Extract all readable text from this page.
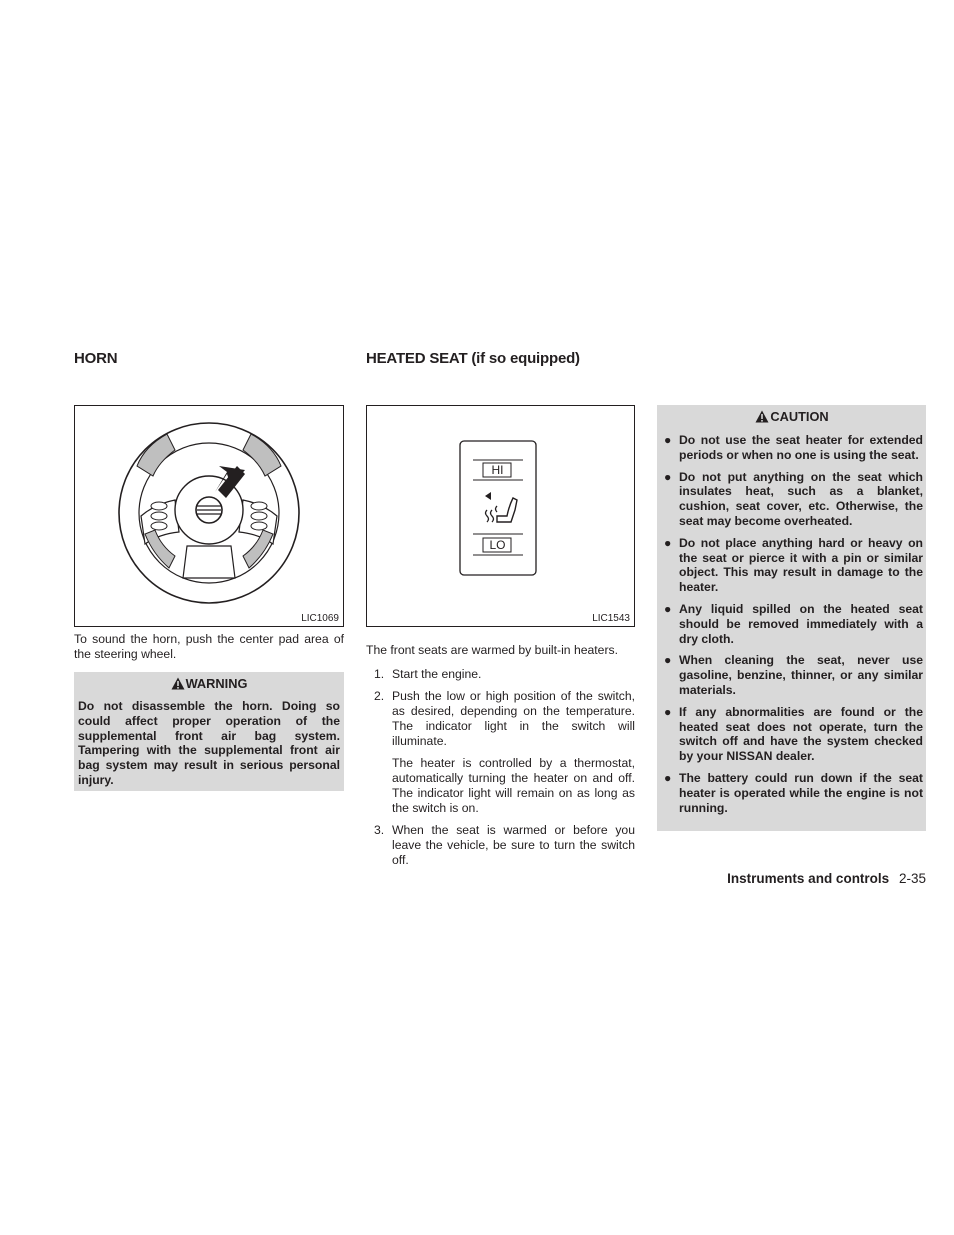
HORN
LIC1069

To sound the horn, push the center pad area of the steering wheel.

WARNING
Do not disassemble the horn. Doing so could affect proper operation of the supplemental front air bag system. Tampering with the supplemental front air bag system may result in serious personal injury.
HEATED SEAT (if so equipped)
HI
LO
LIC1543

The front seats are warmed by built-in heaters.

1. Start the engine.
2. Push the low or high position of the switch, as desired, depending on the temperature. The indicator light in the switch will illuminate.
The heater is controlled by a thermostat, automatically turning the heater on and off. The indicator light will remain on as long as the switch is on.
3. When the seat is warmed or before you leave the vehicle, be sure to turn the switch off.
CAUTION
● Do not use the seat heater for extended periods or when no one is using the seat.
● Do not put anything on the seat which insulates heat, such as a blanket, cushion, seat cover, etc. Otherwise, the seat may become overheated.
● Do not place anything hard or heavy on the seat or pierce it with a pin or similar object. This may result in damage to the heater.
● Any liquid spilled on the heated seat should be removed immediately with a dry cloth.
● When cleaning the seat, never use gasoline, benzine, thinner, or any similar materials.
● If any abnormalities are found or the heated seat does not operate, turn the switch off and have the system checked by your NISSAN dealer.
● The battery could run down if the seat heater is operated while the engine is not running.
Instruments and controls 2-35
